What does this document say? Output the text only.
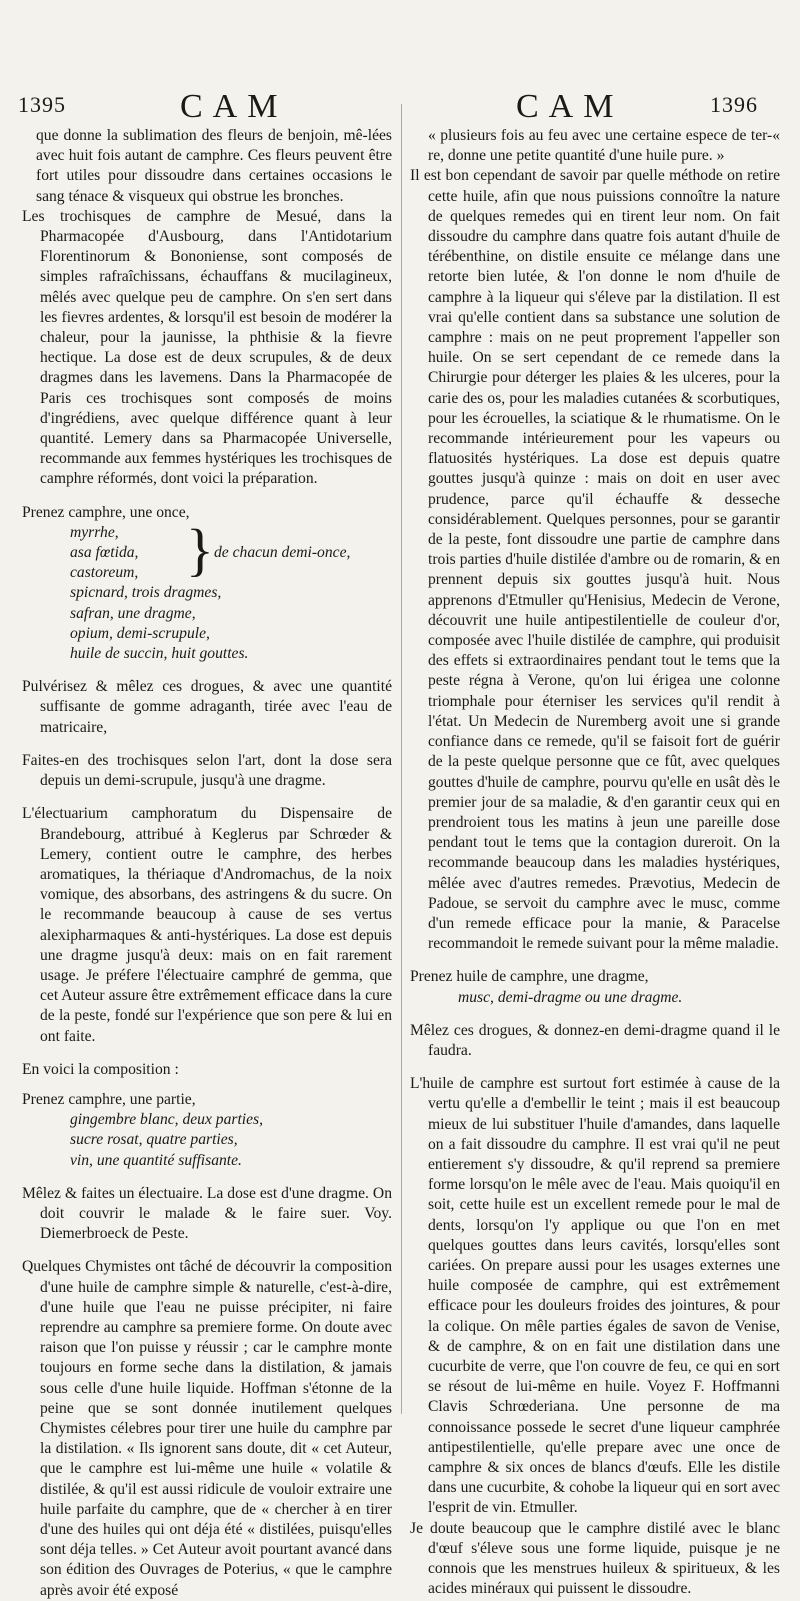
1395	CAM	CAM	1396

que donne la sublimation des fleurs de benjoin, mê-lées avec huit fois autant de camphre. Ces fleurs peuvent être fort utiles pour dissoudre dans certaines occasions le sang ténace & visqueux qui obstrue les bronches.

Les trochisques de camphre de Mesué, dans la Pharmacopée d'Ausbourg, dans l'Antidotarium Florentinorum & Bononiense, sont composés de simples rafraîchissans, échauffans & mucilagineux, mêlés avec quelque peu de camphre. On s'en sert dans les fievres ardentes, & lorsqu'il est besoin de modérer la chaleur, pour la jaunisse, la phthisie & la fievre hectique. La dose est de deux scrupules, & de deux dragmes dans les lavemens. Dans la Pharmacopée de Paris ces trochisques sont composés de moins d'ingrédiens, avec quelque différence quant à leur quantité. Lemery dans sa Pharmacopée Universelle, recommande aux femmes hystériques les trochisques de camphre réformés, dont voici la préparation.

Prenez camphre, une once,
myrrhe,
asa fœtida,
castoreum,
spicnard, trois dragmes,
safran, une dragme,
opium, demi-scrupule,
huile de succin, huit gouttes.
} de chacun demi-once,

Pulvérisez & mêlez ces drogues, & avec une quantité suffisante de gomme adraganth, tirée avec l'eau de matricaire,

Faites-en des trochisques selon l'art, dont la dose sera depuis un demi-scrupule, jusqu'à une dragme.

L'électuarium camphoratum du Dispensaire de Brandebourg, attribué à Keglerus par Schrœder & Lemery, contient outre le camphre, des herbes aromatiques, la thériaque d'Andromachus, de la noix vomique, des absorbans, des astringens & du sucre. On le recommande beaucoup à cause de ses vertus alexipharmaques & anti-hystériques. La dose est depuis une dragme jusqu'à deux: mais on en fait rarement usage. Je préfere l'électuaire camphré de gemma, que cet Auteur assure être extrêmement efficace dans la cure de la peste, fondé sur l'expérience que son pere & lui en ont faite.

En voici la composition :

Prenez camphre, une partie,
gingembre blanc, deux parties,
sucre rosat, quatre parties,
vin, une quantité suffisante.

Mêlez & faites un électuaire. La dose est d'une dragme. On doit couvrir le malade & le faire suer. Voy. Diemerbroeck de Peste.

Quelques Chymistes ont tâché de découvrir la composition d'une huile de camphre simple & naturelle, c'est-à-dire, d'une huile que l'eau ne puisse précipiter, ni faire reprendre au camphre sa premiere forme. On doute avec raison que l'on puisse y réussir ; car le camphre monte toujours en forme seche dans la distilation, & jamais sous celle d'une huile liquide. Hoffman s'étonne de la peine que se sont donnée inutilement quelques Chymistes célebres pour tirer une huile du camphre par la distilation. « Ils ignorent sans doute, dit « cet Auteur, que le camphre est lui-même une huile « volatile & distilée, & qu'il est aussi ridicule de vouloir extraire une huile parfaite du camphre, que de « chercher à en tirer d'une des huiles qui ont déja été « distilées, puisqu'elles sont déja telles. » Cet Auteur avoit pourtant avancé dans son édition des Ouvrages de Poterius, « que le camphre après avoir été exposé

« plusieurs fois au feu avec une certaine espece de ter-« re, donne une petite quantité d'une huile pure. »

Il est bon cependant de savoir par quelle méthode on retire cette huile, afin que nous puissions connoître la nature de quelques remedes qui en tirent leur nom. On fait dissoudre du camphre dans quatre fois autant d'huile de térébenthine, on distile ensuite ce mélange dans une retorte bien lutée, & l'on donne le nom d'huile de camphre à la liqueur qui s'éleve par la distilation. Il est vrai qu'elle contient dans sa substance une solution de camphre : mais on ne peut proprement l'appeller son huile. On se sert cependant de ce remede dans la Chirurgie pour déterger les plaies & les ulceres, pour la carie des os, pour les maladies cutanées & scorbutiques, pour les écrouelles, la sciatique & le rhumatisme. On le recommande intérieurement pour les vapeurs ou flatuosités hystériques. La dose est depuis quatre gouttes jusqu'à quinze : mais on doit en user avec prudence, parce qu'il échauffe & desseche considérablement. Quelques personnes, pour se garantir de la peste, font dissoudre une partie de camphre dans trois parties d'huile distilée d'ambre ou de romarin, & en prennent depuis six gouttes jusqu'à huit. Nous apprenons d'Etmuller qu'Henisius, Medecin de Verone, découvrit une huile antipestilentielle de couleur d'or, composée avec l'huile distilée de camphre, qui produisit des effets si extraordinaires pendant tout le tems que la peste régna à Verone, qu'on lui érigea une colonne triomphale pour éterniser les services qu'il rendit à l'état. Un Medecin de Nuremberg avoit une si grande confiance dans ce remede, qu'il se faisoit fort de guérir de la peste quelque personne que ce fût, avec quelques gouttes d'huile de camphre, pourvu qu'elle en usât dès le premier jour de sa maladie, & d'en garantir ceux qui en prendroient tous les matins à jeun une pareille dose pendant tout le tems que la contagion dureroit. On la recommande beaucoup dans les maladies hystériques, mêlée avec d'autres remedes. Prævotius, Medecin de Padoue, se servoit du camphre avec le musc, comme d'un remede efficace pour la manie, & Paracelse recommandoit le remede suivant pour la même maladie.

Prenez huile de camphre, une dragme,
musc, demi-dragme ou une dragme.

Mêlez ces drogues, & donnez-en demi-dragme quand il le faudra.

L'huile de camphre est surtout fort estimée à cause de la vertu qu'elle a d'embellir le teint ; mais il est beaucoup mieux de lui substituer l'huile d'amandes, dans laquelle on a fait dissoudre du camphre. Il est vrai qu'il ne peut entierement s'y dissoudre, & qu'il reprend sa premiere forme lorsqu'on le mêle avec de l'eau. Mais quoiqu'il en soit, cette huile est un excellent remede pour le mal de dents, lorsqu'on l'y applique ou que l'on en met quelques gouttes dans leurs cavités, lorsqu'elles sont cariées. On prepare aussi pour les usages externes une huile composée de camphre, qui est extrêmement efficace pour les douleurs froides des jointures, & pour la colique. On mêle parties égales de savon de Venise, & de camphre, & on en fait une distilation dans une cucurbite de verre, que l'on couvre de feu, ce qui en sort se résout de lui-même en huile. Voyez F. Hoffmanni Clavis Schrœderiana. Une personne de ma connoissance possede le secret d'une liqueur camphrée antipestilentielle, qu'elle prepare avec une once de camphre & six onces de blancs d'œufs. Elle les distile dans une cucurbite, & cohobe la liqueur qui en sort avec l'esprit de vin. Etmuller.

Je doute beaucoup que le camphre distilé avec le blanc d'œuf s'éleve sous une forme liquide, puisque je ne connois que les menstrues huileux & spiritueux, & les acides minéraux qui puissent le dissoudre.
